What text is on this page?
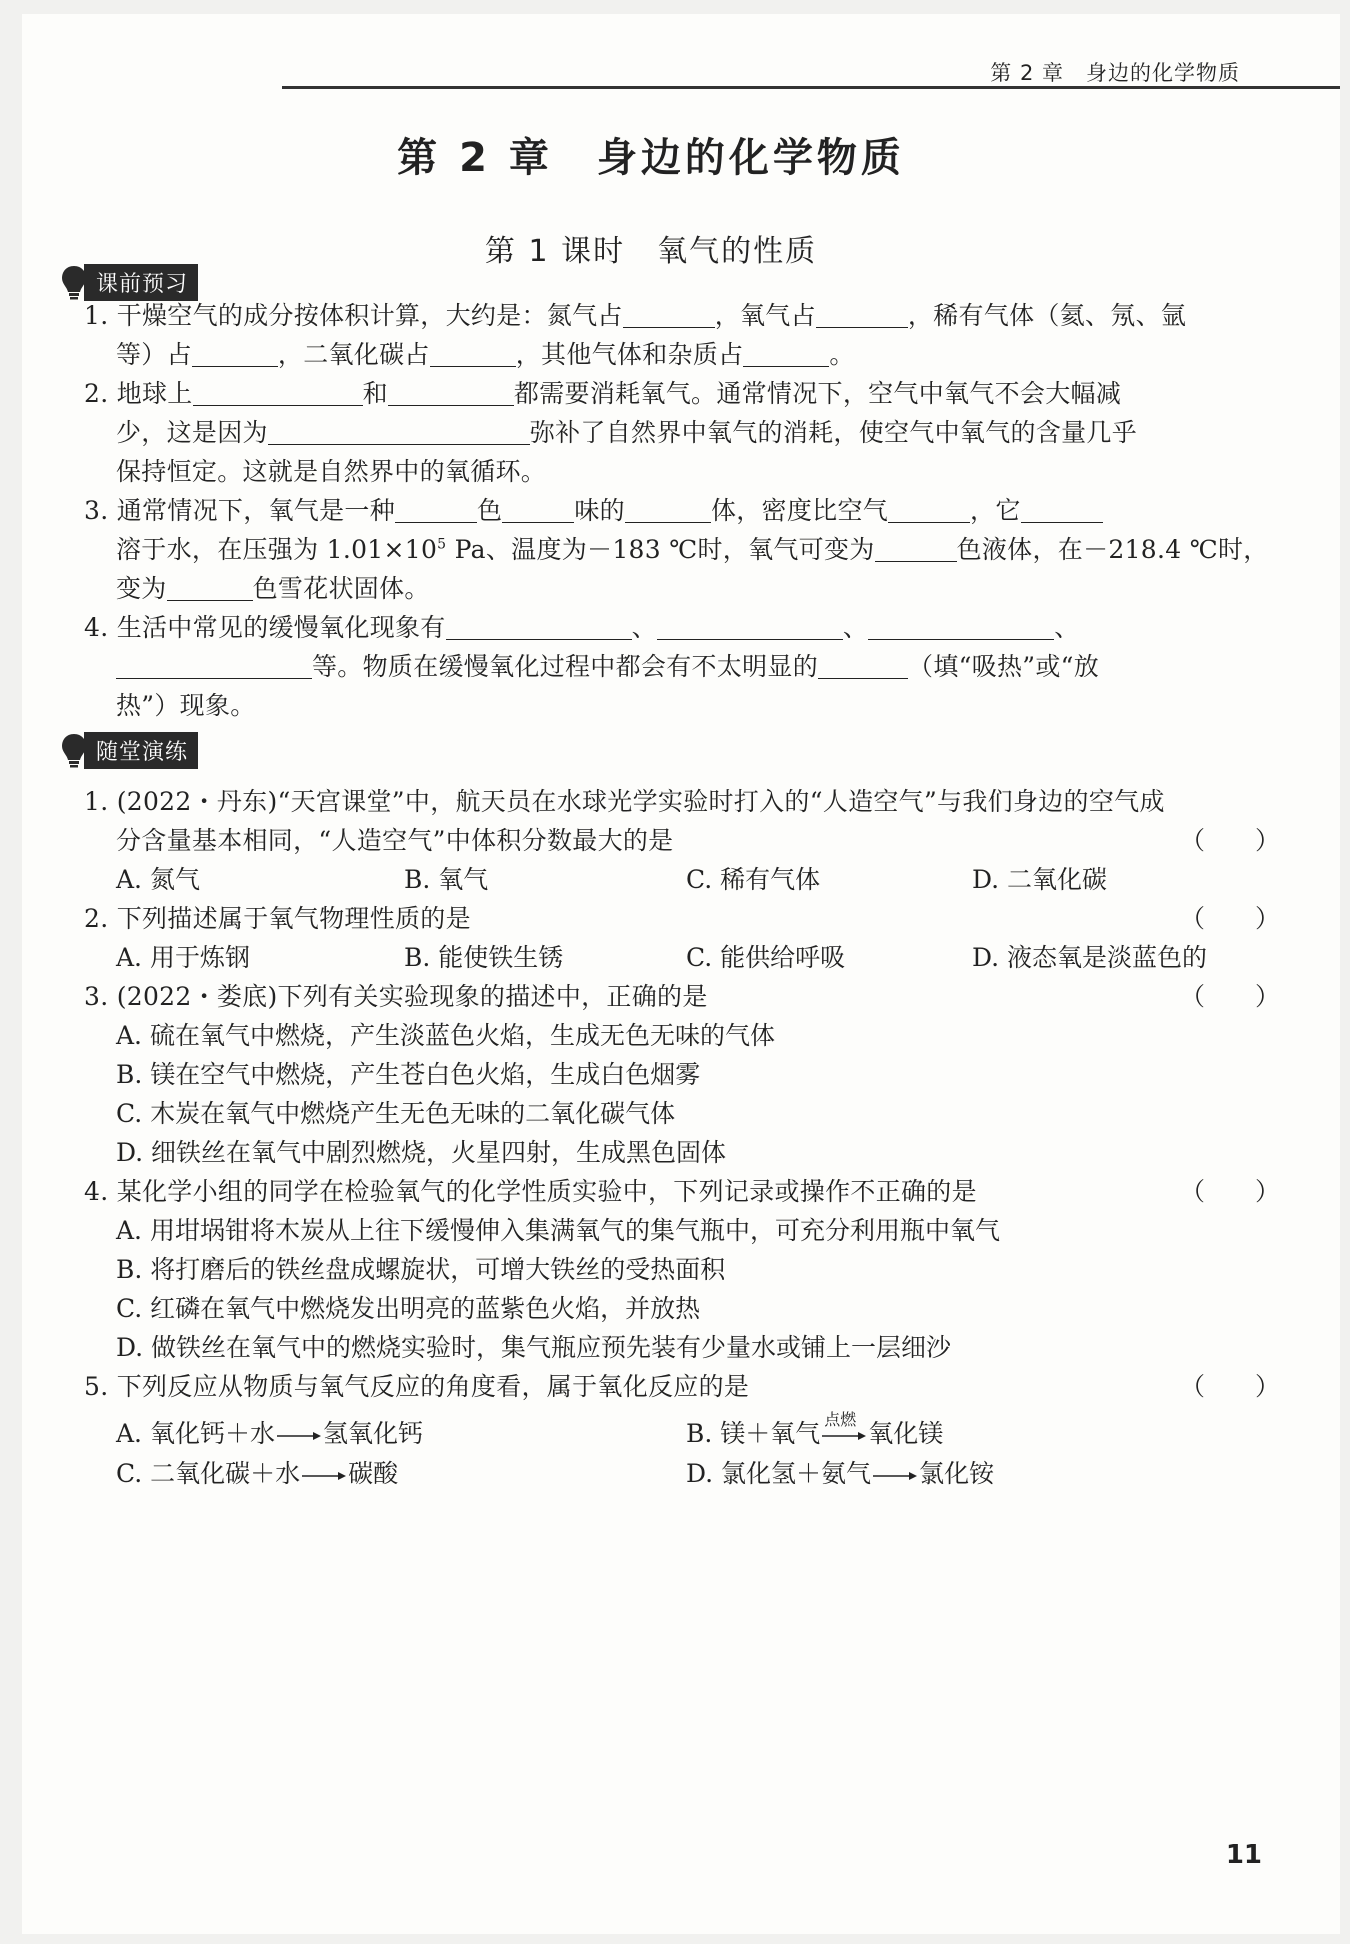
第 2 章　身边的化学物质
第 2 章　身边的化学物质
第 1 课时　氧气的性质
课前预习
1. 干燥空气的成分按体积计算，大约是：氮气占	，氧气占	，稀有气体（氦、氖、氩
等）占	，二氧化碳占	，其他气体和杂质占	。
2. 地球上	和	都需要消耗氧气。通常情况下，空气中氧气不会大幅减
少，这是因为	弥补了自然界中氧气的消耗，使空气中氧气的含量几乎
保持恒定。这就是自然界中的氧循环。
3. 通常情况下，氧气是一种	色	味的	体，密度比空气	，它
溶于水，在压强为 $1.01\times 10^5$ Pa、温度为－183 ℃时，氧气可变为	色液体，在－218.4 ℃时，
变为	色雪花状固体。
4. 生活中常见的缓慢氧化现象有	、	、	、
等。物质在缓慢氧化过程中都会有不太明显的	（填“吸热”或“放
热”）现象。
随堂演练
1. (2022・丹东)“天宫课堂”中，航天员在水球光学实验时打入的“人造空气”与我们身边的空气成
分含量基本相同，“人造空气”中体积分数最大的是	（　　）
A. 氮气	B. 氧气	C. 稀有气体	D. 二氧化碳
2. 下列描述属于氧气物理性质的是	（　　）
A. 用于炼钢	B. 能使铁生锈	C. 能供给呼吸	D. 液态氧是淡蓝色的
3. (2022・娄底)下列有关实验现象的描述中，正确的是	（　　）
A. 硫在氧气中燃烧，产生淡蓝色火焰，生成无色无味的气体
B. 镁在空气中燃烧，产生苍白色火焰，生成白色烟雾
C. 木炭在氧气中燃烧产生无色无味的二氧化碳气体
D. 细铁丝在氧气中剧烈燃烧，火星四射，生成黑色固体
4. 某化学小组的同学在检验氧气的化学性质实验中，下列记录或操作不正确的是	（　　）
A. 用坩埚钳将木炭从上往下缓慢伸入集满氧气的集气瓶中，可充分利用瓶中氧气
B. 将打磨后的铁丝盘成螺旋状，可增大铁丝的受热面积
C. 红磷在氧气中燃烧发出明亮的蓝紫色火焰，并放热
D. 做铁丝在氧气中的燃烧实验时，集气瓶应预先装有少量水或铺上一层细沙
5. 下列反应从物质与氧气反应的角度看，属于氧化反应的是	（　　）
A. 氧化钙＋水 → 氢氧化钙	B. 镁＋氧气 点燃 氧化镁
C. 二氧化碳＋水 → 碳酸	D. 氯化氢＋氨气 → 氯化铵
11
